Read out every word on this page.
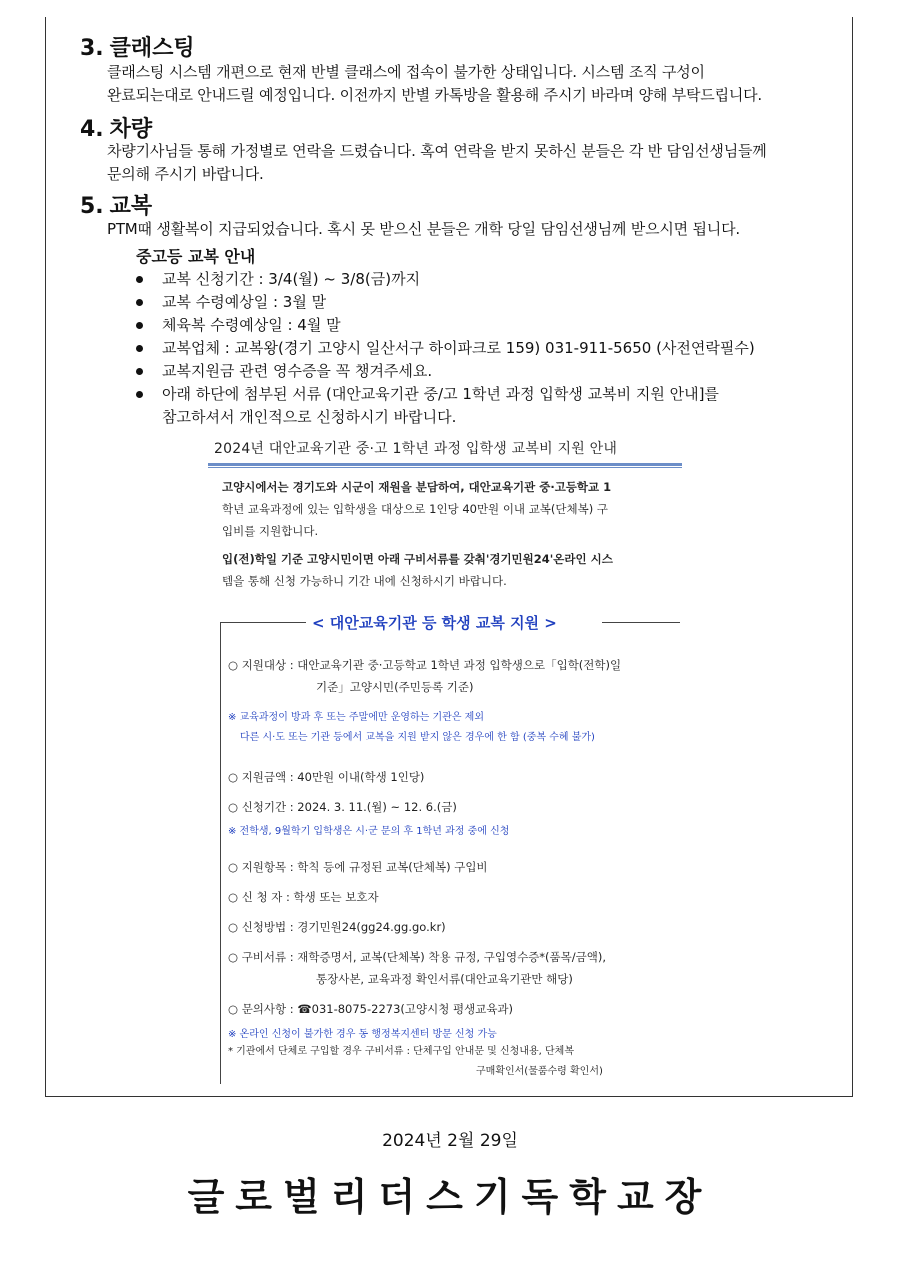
3. 클래스팅

클래스팅 시스템 개편으로 현재 반별 클래스에 접속이 불가한 상태입니다. 시스템 조직 구성이
완료되는대로 안내드릴 예정입니다. 이전까지 반별 카톡방을 활용해 주시기 바라며 양해 부탁드립니다.

4. 차량

차량기사님들 통해 가정별로 연락을 드렸습니다. 혹여 연락을 받지 못하신 분들은 각 반 담임선생님들께
문의해 주시기 바랍니다.

5. 교복

PTM때 생활복이 지급되었습니다. 혹시 못 받으신 분들은 개학 당일 담임선생님께 받으시면 됩니다.

중고등 교복 안내
교복 신청기간 : 3/4(월) ~ 3/8(금)까지
교복 수령예상일 : 3월 말
체육복 수령예상일 : 4월 말
교복업체 : 교복왕(경기 고양시 일산서구 하이파크로 159) 031-911-5650 (사전연락필수)
교복지원금 관련 영수증을 꼭 챙겨주세요.
아래 하단에 첨부된 서류 (대안교육기관 중/고 1학년 과정 입학생 교복비 지원 안내]를
참고하셔서 개인적으로 신청하시기 바랍니다.
2024년 대안교육기관 중·고 1학년 과정 입학생 교복비 지원 안내

고양시에서는 경기도와 시군이 재원을 분담하여, 대안교육기관 중·고등학교 1
학년 교육과정에 있는 입학생을 대상으로 1인당 40만원 이내 교복(단체복) 구
입비를 지원합니다.

입(전)학일 기준 고양시민이면 아래 구비서류를 갖춰'경기민원24'온라인 시스
템을 통해 신청 가능하니 기간 내에 신청하시기 바랍니다.

< 대안교육기관 등 학생 교복 지원 >
○ 지원대상 : 대안교육기관 중·고등학교 1학년 과정 입학생으로「입학(전학)일
기준」고양시민(주민등록 기준)
※ 교육과정이 방과 후 또는 주말에만 운영하는 기관은 제외
다른 시·도 또는 기관 등에서 교복을 지원 받지 않은 경우에 한 함 (중복 수혜 불가)
○ 지원금액 : 40만원 이내(학생 1인당)
○ 신청기간 : 2024. 3. 11.(월) ~ 12. 6.(금)
※ 전학생, 9월학기 입학생은 시·군 문의 후 1학년 과정 중에 신청
○ 지원항목 : 학칙 등에 규정된 교복(단체복) 구입비
○ 신 청 자 : 학생 또는 보호자
○ 신청방법 : 경기민원24(gg24.gg.go.kr)
○ 구비서류 : 재학증명서, 교복(단체복) 착용 규정, 구입영수증*(품목/금액),
통장사본, 교육과정 확인서류(대안교육기관만 해당)
○ 문의사항 : ☎031-8075-2273(고양시청 평생교육과)
※ 온라인 신청이 불가한 경우 동 행정복지센터 방문 신청 가능
* 기관에서 단체로 구입할 경우 구비서류 : 단체구입 안내문 및 신청내용, 단체복
구매확인서(물품수령 확인서)
2024년 2월 29일
글로벌리더스기독학교장
